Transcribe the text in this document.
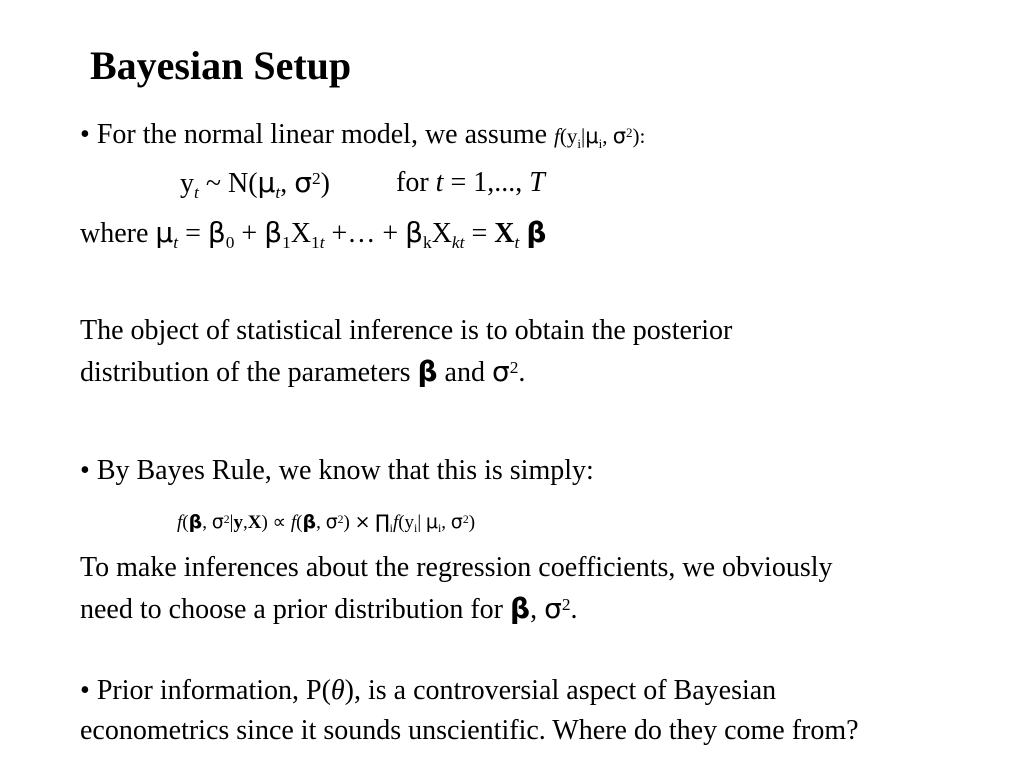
Bayesian Setup
• For the normal linear model, we assume $f(y_i|\mu_i$, $\sigma^2$):
$y_t$ ~ $N(\mu_t$, $\sigma^2$) for t = 1,..., T
where $\mu_t = \beta_0 + \beta_1X_{1t}$ +… + $\beta_kX_{kt} = X_t$ β
The object of statistical inference is to obtain the posterior
distribution of the parameters β and $\sigma^2$.
• By Bayes Rule, we know that this is simply:
f(β, $\sigma^2|y,X) \propto f(\beta$, $\sigma^2$) × $\prod_if(y_i|$ $\mu_i$, $\sigma^2$)
To make inferences about the regression coefficients, we obviously
need to choose a prior distribution for β, $\sigma^2$.
• Prior information, P(θ), is a controversial aspect of Bayesian
econometrics since it sounds unscientific. Where do they come from?
